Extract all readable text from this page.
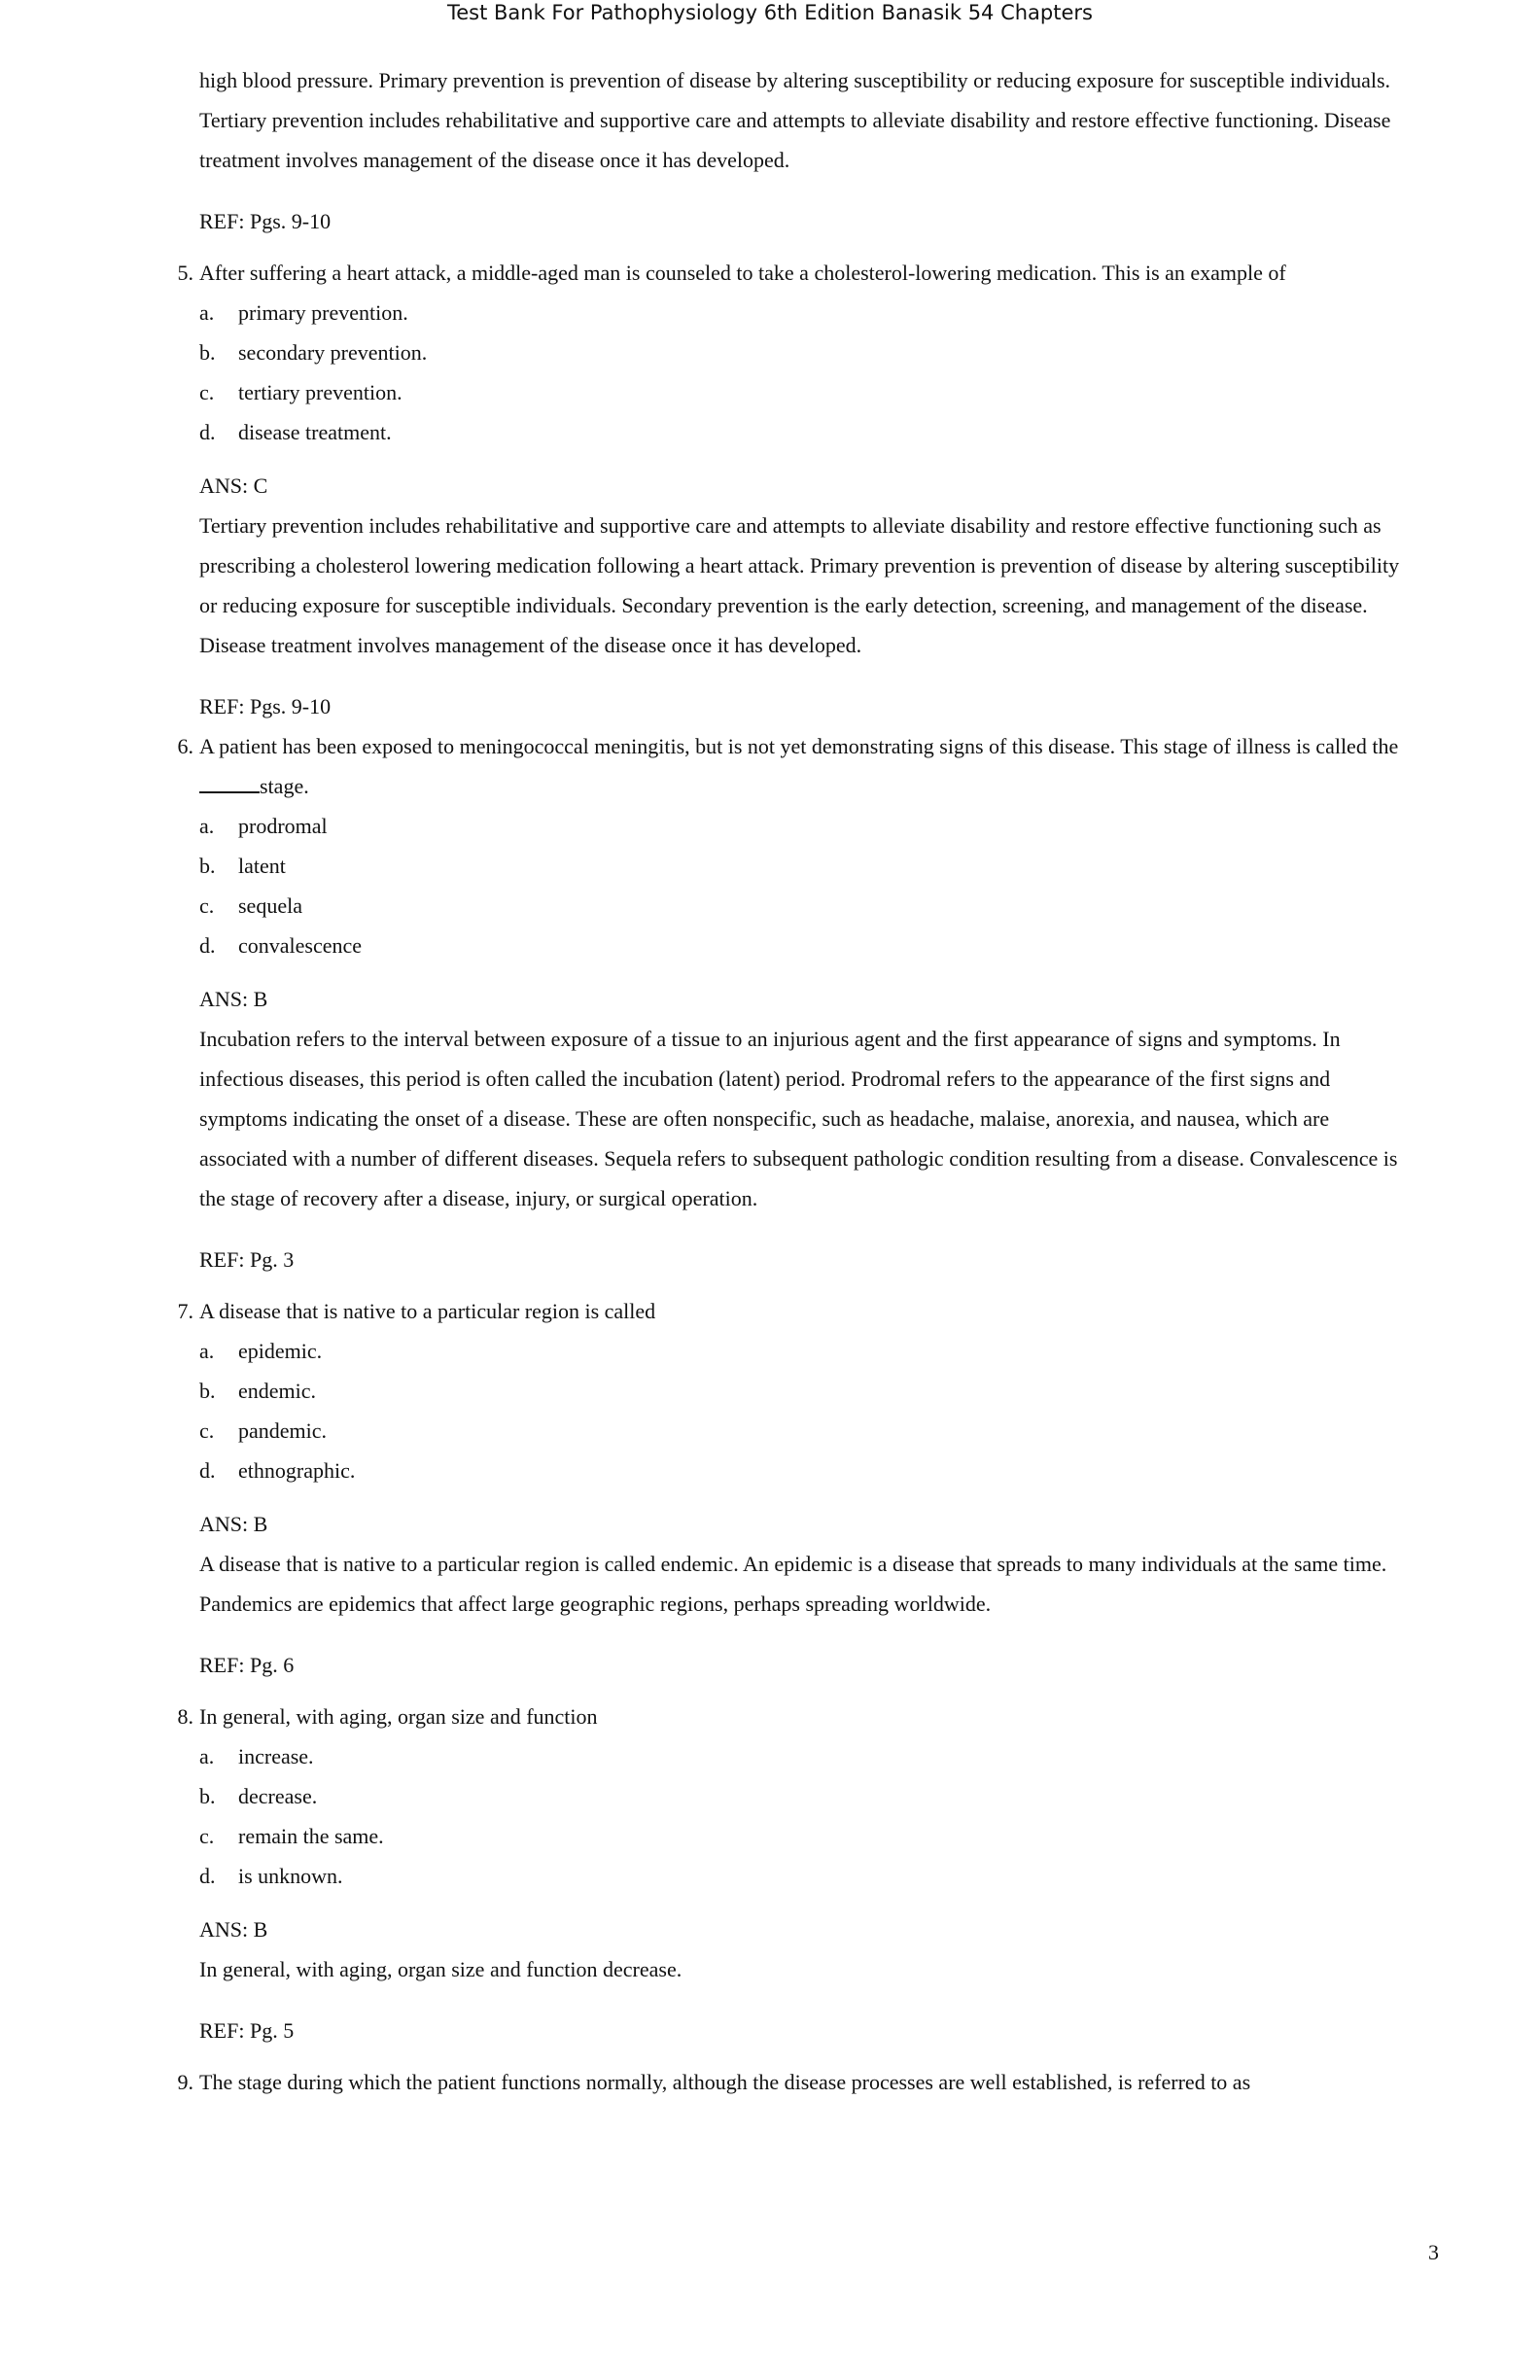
Test Bank For Pathophysiology 6th Edition Banasik 54 Chapters

high blood pressure. Primary prevention is prevention of disease by altering susceptibility or reducing exposure for susceptible individuals. Tertiary prevention includes rehabilitative and supportive care and attempts to alleviate disability and restore effective functioning. Disease treatment involves management of the disease once it has developed.

REF: Pgs. 9-10

5. After suffering a heart attack, a middle-aged man is counseled to take a cholesterol-lowering medication. This is an example of

a. primary prevention.
b. secondary prevention.
c. tertiary prevention.
d. disease treatment.

ANS: C

Tertiary prevention includes rehabilitative and supportive care and attempts to alleviate disability and restore effective functioning such as prescribing a cholesterol lowering medication following a heart attack. Primary prevention is prevention of disease by altering susceptibility or reducing exposure for susceptible individuals. Secondary prevention is the early detection, screening, and management of the disease. Disease treatment involves management of the disease once it has developed.

REF: Pgs. 9-10

6. A patient has been exposed to meningococcal meningitis, but is not yet demonstrating signs of this disease. This stage of illness is called thestage.

a. prodromal
b. latent
c. sequela
d. convalescence

ANS: B

Incubation refers to the interval between exposure of a tissue to an injurious agent and the first appearance of signs and symptoms. In infectious diseases, this period is often called the incubation (latent) period. Prodromal refers to the appearance of the first signs and symptoms indicating the onset of a disease. These are often nonspecific, such as headache, malaise, anorexia, and nausea, which are associated with a number of different diseases. Sequela refers to subsequent pathologic condition resulting from a disease. Convalescence is the stage of recovery after a disease, injury, or surgical operation.

REF: Pg. 3

7. A disease that is native to a particular region is called

a. epidemic.
b. endemic.
c. pandemic.
d. ethnographic.

ANS: B

A disease that is native to a particular region is called endemic. An epidemic is a disease that spreads to many individuals at the same time. Pandemics are epidemics that affect large geographic regions, perhaps spreading worldwide.

REF: Pg. 6

8. In general, with aging, organ size and function

a. increase.
b. decrease.
c. remain the same.
d. is unknown.

ANS: B

In general, with aging, organ size and function decrease.

REF: Pg. 5

9. The stage during which the patient functions normally, although the disease processes are well established, is referred to as

3
